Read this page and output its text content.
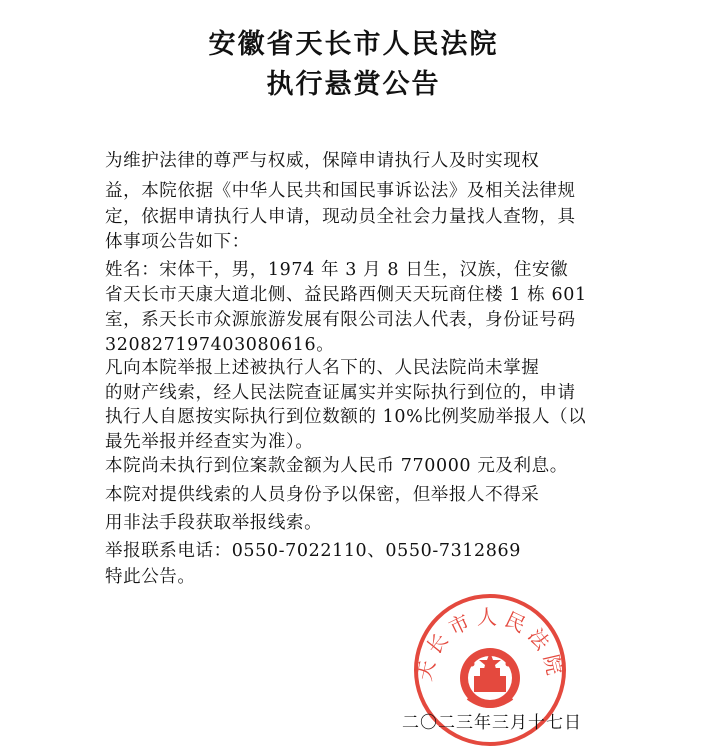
安徽省天长市人民法院
执行悬赏公告
为维护法律的尊严与权威，保障申请执行人及时实现权
益，本院依据《中华人民共和国民事诉讼法》及相关法律规
定，依据申请执行人申请，现动员全社会力量找人查物，具
体事项公告如下：
姓名：宋体干，男，1974 年 3 月 8 日生，汉族，住安徽
省天长市天康大道北侧、益民路西侧天天玩商住楼 1 栋 601
室，系天长市众源旅游发展有限公司法人代表，身份证号码
320827197403080616。
凡向本院举报上述被执行人名下的、人民法院尚未掌握
的财产线索，经人民法院查证属实并实际执行到位的，申请
执行人自愿按实际执行到位数额的 10%比例奖励举报人（以
最先举报并经查实为准）。
本院尚未执行到位案款金额为人民币 770000 元及利息。
本院对提供线索的人员身份予以保密，但举报人不得采
用非法手段获取举报线索。
举报联系电话：0550-7022110、0550-7312869
特此公告。
天长市人民法院
二〇二三年三月十七日
